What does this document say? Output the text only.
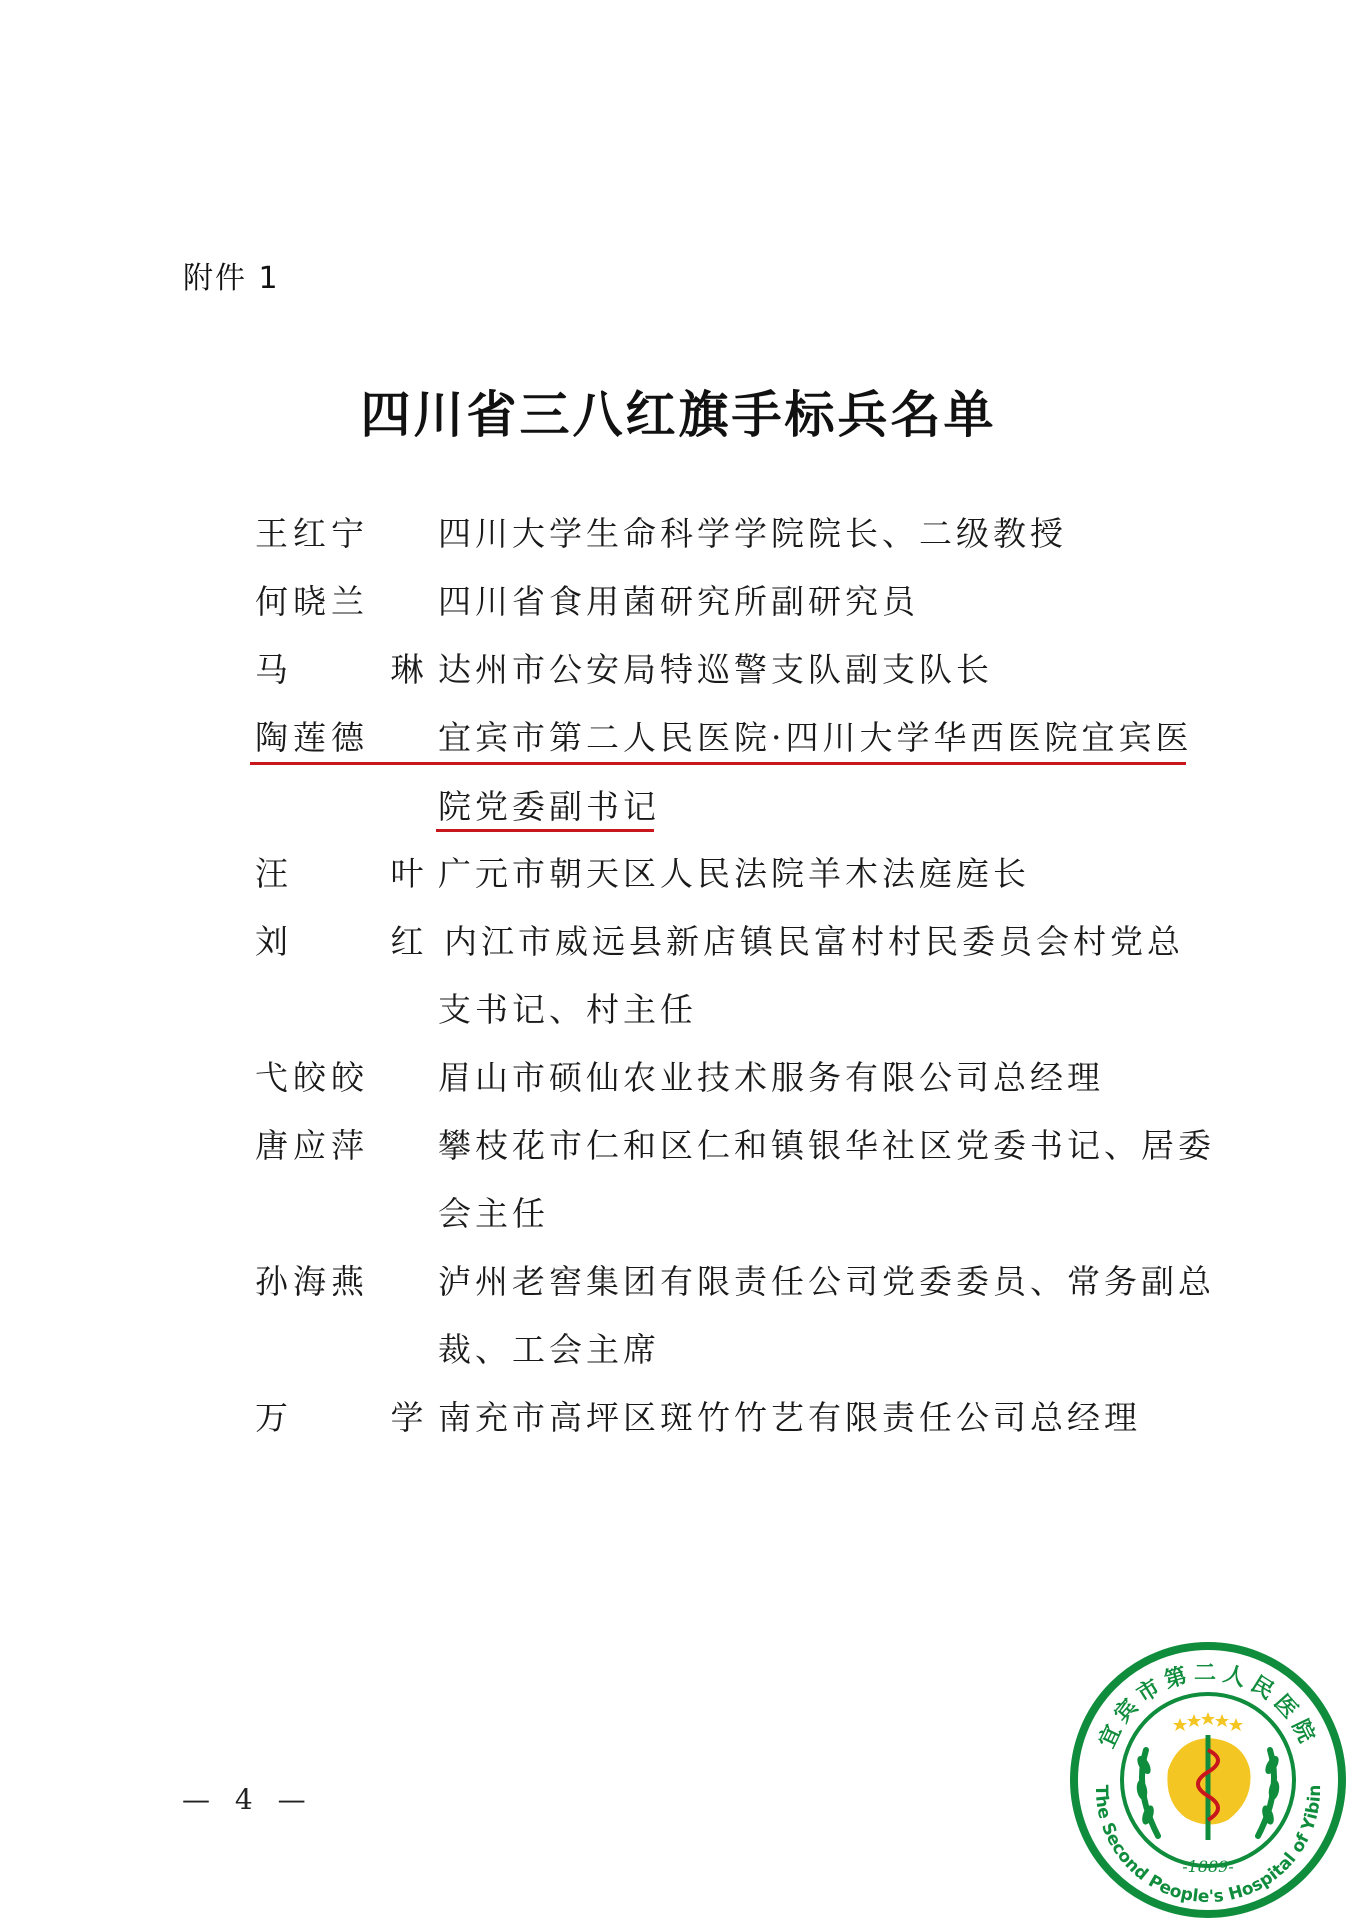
附件 1
四川省三八红旗手标兵名单
王红宁 四川大学生命科学学院院长、二级教授
何晓兰 四川省食用菌研究所副研究员
马 琳
达州市公安局特巡警支队副支队长
陶莲德 宜宾市第二人民医院·四川大学华西医院宜宾医
院党委副书记
汪 叶
广元市朝天区人民法院羊木法庭庭长
刘 红
内江市威远县新店镇民富村村民委员会村党总
支书记、村主任
弋皎皎 眉山市硕仙农业技术服务有限公司总经理
唐应萍 攀枝花市仁和区仁和镇银华社区党委书记、居委
会主任
孙海燕 泸州老窖集团有限责任公司党委委员、常务副总
裁、工会主席
万 学
南充市高坪区斑竹竹艺有限责任公司总经理
— 4 —
宜宾市第二人民医院
The Second People's Hospital of Yibin
-1889-
